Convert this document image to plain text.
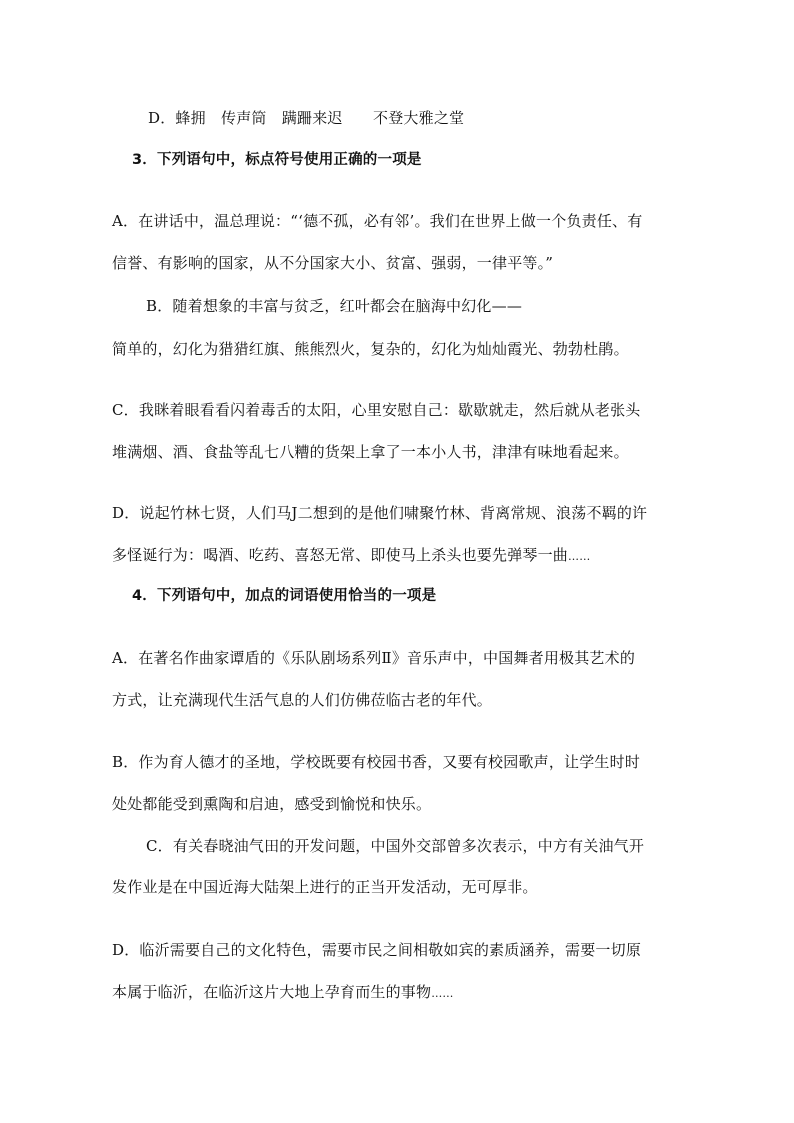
D．蜂拥　传声筒　蹒跚来迟　　不登大雅之堂
3．下列语句中，标点符号使用正确的一项是
A．在讲话中，温总理说：“‘德不孤，必有邻’。我们在世界上做一个负责任、有
信誉、有影响的国家，从不分国家大小、贫富、强弱，一律平等。”
B．随着想象的丰富与贫乏，红叶都会在脑海中幻化——
简单的，幻化为猎猎红旗、熊熊烈火，复杂的，幻化为灿灿霞光、勃勃杜鹃。
C．我眯着眼看看闪着毒舌的太阳，心里安慰自己：歇歇就走，然后就从老张头
堆满烟、酒、食盐等乱七八糟的货架上拿了一本小人书，津津有味地看起来。
D．说起竹林七贤，人们马J二想到的是他们啸聚竹林、背离常规、浪荡不羁的许
多怪诞行为：喝酒、吃药、喜怒无常、即使马上杀头也要先弹琴一曲……
4．下列语句中，加点的词语使用恰当的一项是
A．在著名作曲家谭盾的《乐队剧场系列Ⅱ》音乐声中，中国舞者用极其艺术的
方式，让充满现代生活气息的人们仿佛莅临古老的年代。
B．作为育人德才的圣地，学校既要有校园书香，又要有校园歌声，让学生时时
处处都能受到熏陶和启迪，感受到愉悦和快乐。
C．有关春晓油气田的开发问题，中国外交部曾多次表示，中方有关油气开
发作业是在中国近海大陆架上进行的正当开发活动，无可厚非。
D．临沂需要自己的文化特色，需要市民之间相敬如宾的素质涵养，需要一切原
本属于临沂，在临沂这片大地上孕育而生的事物……
